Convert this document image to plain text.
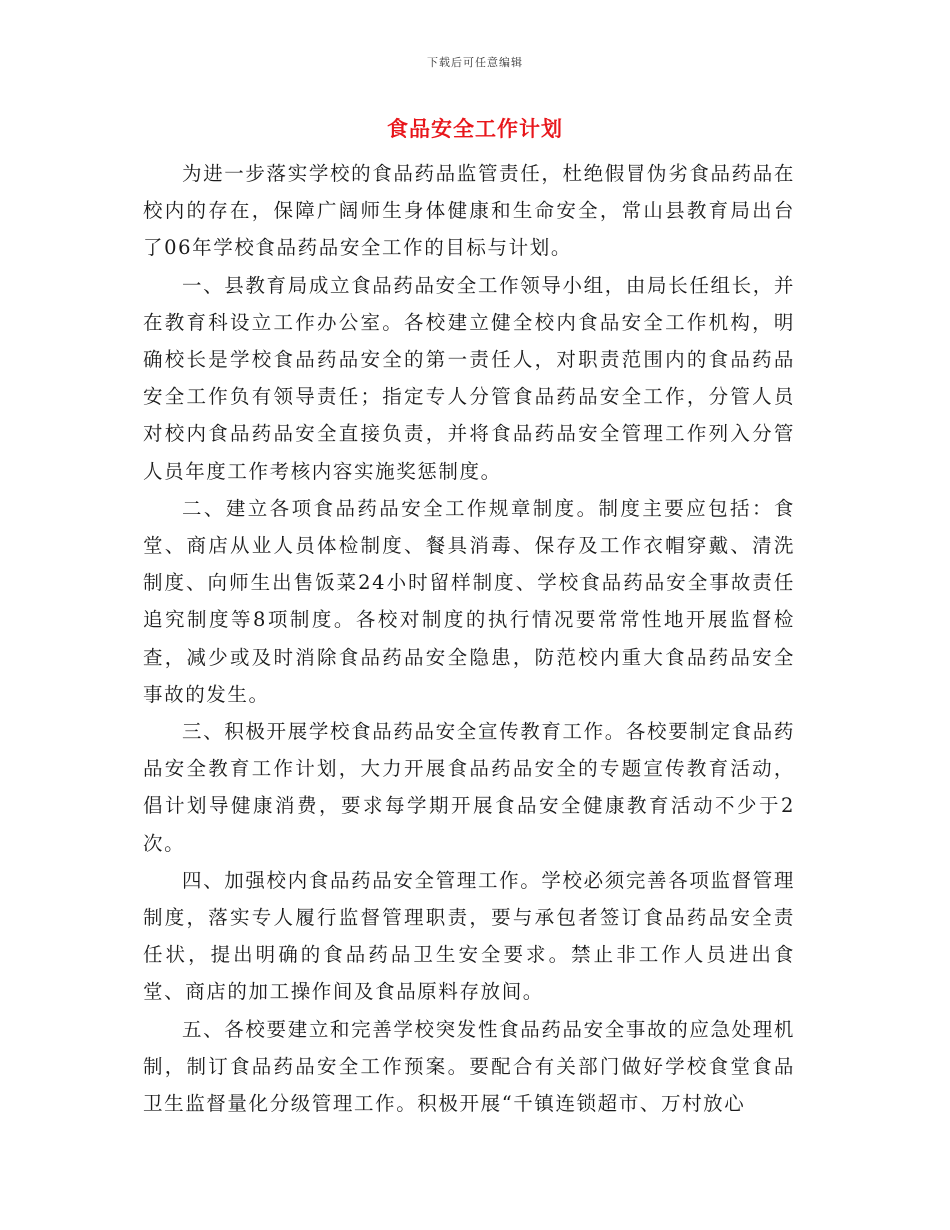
下载后可任意编辑
食品安全工作计划

为进一步落实学校的食品药品监管责任，杜绝假冒伪劣食品药品在校内的存在，保障广阔师生身体健康和生命安全，常山县教育局出台了06年学校食品药品安全工作的目标与计划。

一、县教育局成立食品药品安全工作领导小组，由局长任组长，并在教育科设立工作办公室。各校建立健全校内食品安全工作机构，明确校长是学校食品药品安全的第一责任人，对职责范围内的食品药品安全工作负有领导责任；指定专人分管食品药品安全工作，分管人员对校内食品药品安全直接负责，并将食品药品安全管理工作列入分管人员年度工作考核内容实施奖惩制度。

二、建立各项食品药品安全工作规章制度。制度主要应包括：食堂、商店从业人员体检制度、餐具消毒、保存及工作衣帽穿戴、清洗制度、向师生出售饭菜24小时留样制度、学校食品药品安全事故责任追究制度等8项制度。各校对制度的执行情况要常常性地开展监督检查，减少或及时消除食品药品安全隐患，防范校内重大食品药品安全事故的发生。

三、积极开展学校食品药品安全宣传教育工作。各校要制定食品药品安全教育工作计划，大力开展食品药品安全的专题宣传教育活动，倡计划导健康消费，要求每学期开展食品安全健康教育活动不少于2次。

四、加强校内食品药品安全管理工作。学校必须完善各项监督管理制度，落实专人履行监督管理职责，要与承包者签订食品药品安全责任状，提出明确的食品药品卫生安全要求。禁止非工作人员进出食堂、商店的加工操作间及食品原料存放间。

五、各校要建立和完善学校突发性食品药品安全事故的应急处理机制，制订食品药品安全工作预案。要配合有关部门做好学校食堂食品卫生监督量化分级管理工作。积极开展“千镇连锁超市、万村放心
